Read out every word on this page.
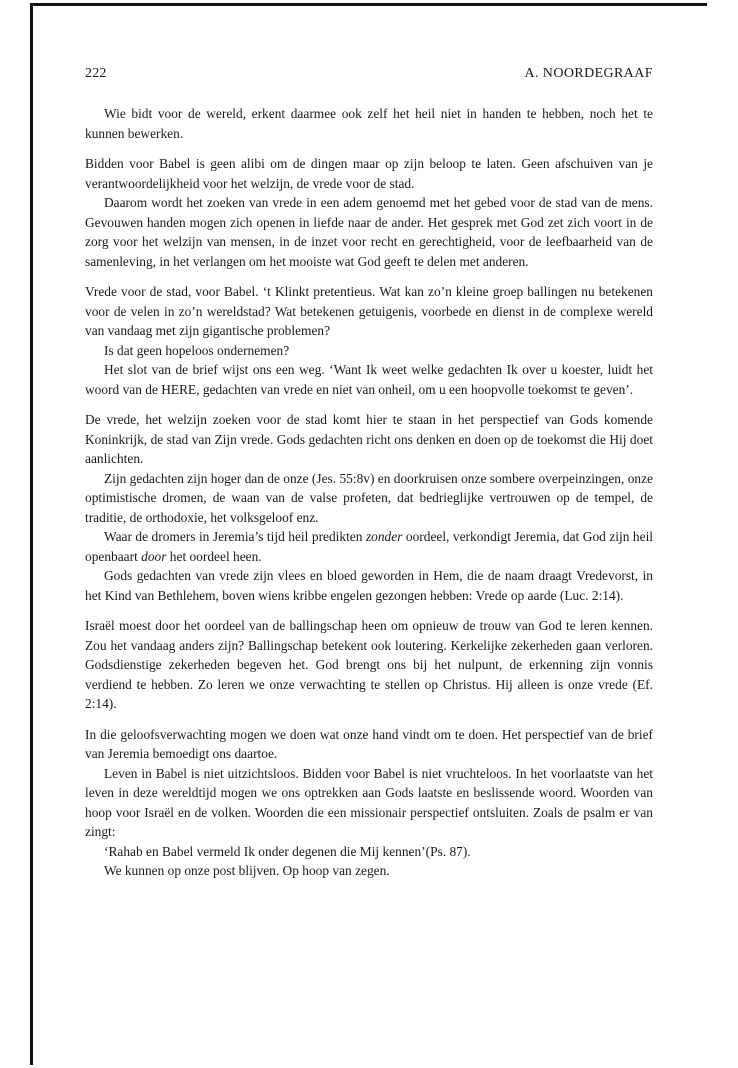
222	A. NOORDEGRAAF

Wie bidt voor de wereld, erkent daarmee ook zelf het heil niet in handen te hebben, noch het te kunnen bewerken.

Bidden voor Babel is geen alibi om de dingen maar op zijn beloop te laten. Geen afschuiven van je verantwoordelijkheid voor het welzijn, de vrede voor de stad.

Daarom wordt het zoeken van vrede in een adem genoemd met het gebed voor de stad van de mens. Gevouwen handen mogen zich openen in liefde naar de ander. Het gesprek met God zet zich voort in de zorg voor het welzijn van mensen, in de inzet voor recht en gerechtigheid, voor de leefbaarheid van de samenleving, in het verlangen om het mooiste wat God geeft te delen met anderen.

Vrede voor de stad, voor Babel. ‘t Klinkt pretentieus. Wat kan zo’n kleine groep ballingen nu betekenen voor de velen in zo’n wereldstad? Wat betekenen getuigenis, voorbede en dienst in de complexe wereld van vandaag met zijn gigantische problemen?

Is dat geen hopeloos ondernemen?

Het slot van de brief wijst ons een weg. ‘Want Ik weet welke gedachten Ik over u koester, luidt het woord van de HERE, gedachten van vrede en niet van onheil, om u een hoopvolle toekomst te geven’.

De vrede, het welzijn zoeken voor de stad komt hier te staan in het perspectief van Gods komende Koninkrijk, de stad van Zijn vrede. Gods gedachten richt ons denken en doen op de toekomst die Hij doet aanlichten.

Zijn gedachten zijn hoger dan de onze (Jes. 55:8v) en doorkruisen onze sombere overpeinzingen, onze optimistische dromen, de waan van de valse profeten, dat bedrieglijke vertrouwen op de tempel, de traditie, de orthodoxie, het volksgeloof enz.

Waar de dromers in Jeremia’s tijd heil predikten zonder oordeel, verkondigt Jeremia, dat God zijn heil openbaart door het oordeel heen.

Gods gedachten van vrede zijn vlees en bloed geworden in Hem, die de naam draagt Vredevorst, in het Kind van Bethlehem, boven wiens kribbe engelen gezongen hebben: Vrede op aarde (Luc. 2:14).

Israël moest door het oordeel van de ballingschap heen om opnieuw de trouw van God te leren kennen. Zou het vandaag anders zijn? Ballingschap betekent ook loutering. Kerkelijke zekerheden gaan verloren. Godsdienstige zekerheden begeven het. God brengt ons bij het nulpunt, de erkenning zijn vonnis verdiend te hebben. Zo leren we onze verwachting te stellen op Christus. Hij alleen is onze vrede (Ef. 2:14).

In die geloofsverwachting mogen we doen wat onze hand vindt om te doen. Het perspectief van de brief van Jeremia bemoedigt ons daartoe.

Leven in Babel is niet uitzichtsloos. Bidden voor Babel is niet vruchteloos. In het voorlaatste van het leven in deze wereldtijd mogen we ons optrekken aan Gods laatste en beslissende woord. Woorden van hoop voor Israël en de volken. Woorden die een missionair perspectief ontsluiten. Zoals de psalm er van zingt:

‘Rahab en Babel vermeld Ik onder degenen die Mij kennen’(Ps. 87).

We kunnen op onze post blijven. Op hoop van zegen.
